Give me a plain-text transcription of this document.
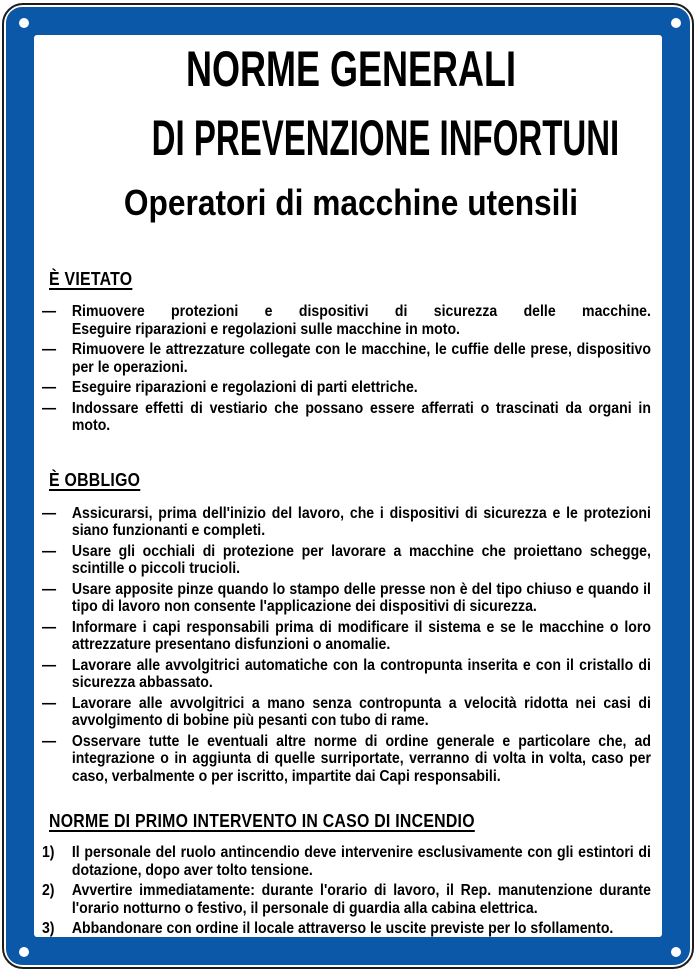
NORME GENERALI
DI PREVENZIONE INFORTUNI
Operatori di macchine utensili
È VIETATO
— Rimuovere protezioni e dispositivi di sicurezza delle macchine.

Eseguire riparazioni e regolazioni sulle macchine in moto.

— Rimuovere le attrezzature collegate con le macchine, le cuffie delle prese, dispositivo per le operazioni.
— Eseguire riparazioni e regolazioni di parti elettriche.
— Indossare effetti di vestiario che possano essere afferrati o trascinati da organi in moto.
È OBBLIGO
— Assicurarsi, prima dell'inizio del lavoro, che i dispositivi di sicurezza e le protezioni siano funzionanti e completi.
— Usare gli occhiali di protezione per lavorare a macchine che proiettano schegge, scintille o piccoli trucioli.
— Usare apposite pinze quando lo stampo delle presse non è del tipo chiuso e quando il tipo di lavoro non consente l'applicazione dei dispositivi di sicurezza.
— Informare i capi responsabili prima di modificare il sistema e se le macchine o loro attrezzature presentano disfunzioni o anomalie.
— Lavorare alle avvolgitrici automatiche con la contropunta inserita e con il cristallo di sicurezza abbassato.
— Lavorare alle avvolgitrici a mano senza contropunta a velocità ridotta nei casi di avvolgimento di bobine più pesanti con tubo di rame.
— Osservare tutte le eventuali altre norme di ordine generale e particolare che, ad integrazione o in aggiunta di quelle surriportate, verranno di volta in volta, caso per caso, verbalmente o per iscritto, impartite dai Capi responsabili.
NORME DI PRIMO INTERVENTO IN CASO DI INCENDIO
1)	Il personale del ruolo antincendio deve intervenire esclusivamente con gli estintori di dotazione, dopo aver tolto tensione.
2)	Avvertire immediatamente: durante l'orario di lavoro, il Rep. manutenzione durante l'orario notturno o festivo, il personale di guardia alla cabina elettrica.
3)	Abbandonare con ordine il locale attraverso le uscite previste per lo sfollamento.
